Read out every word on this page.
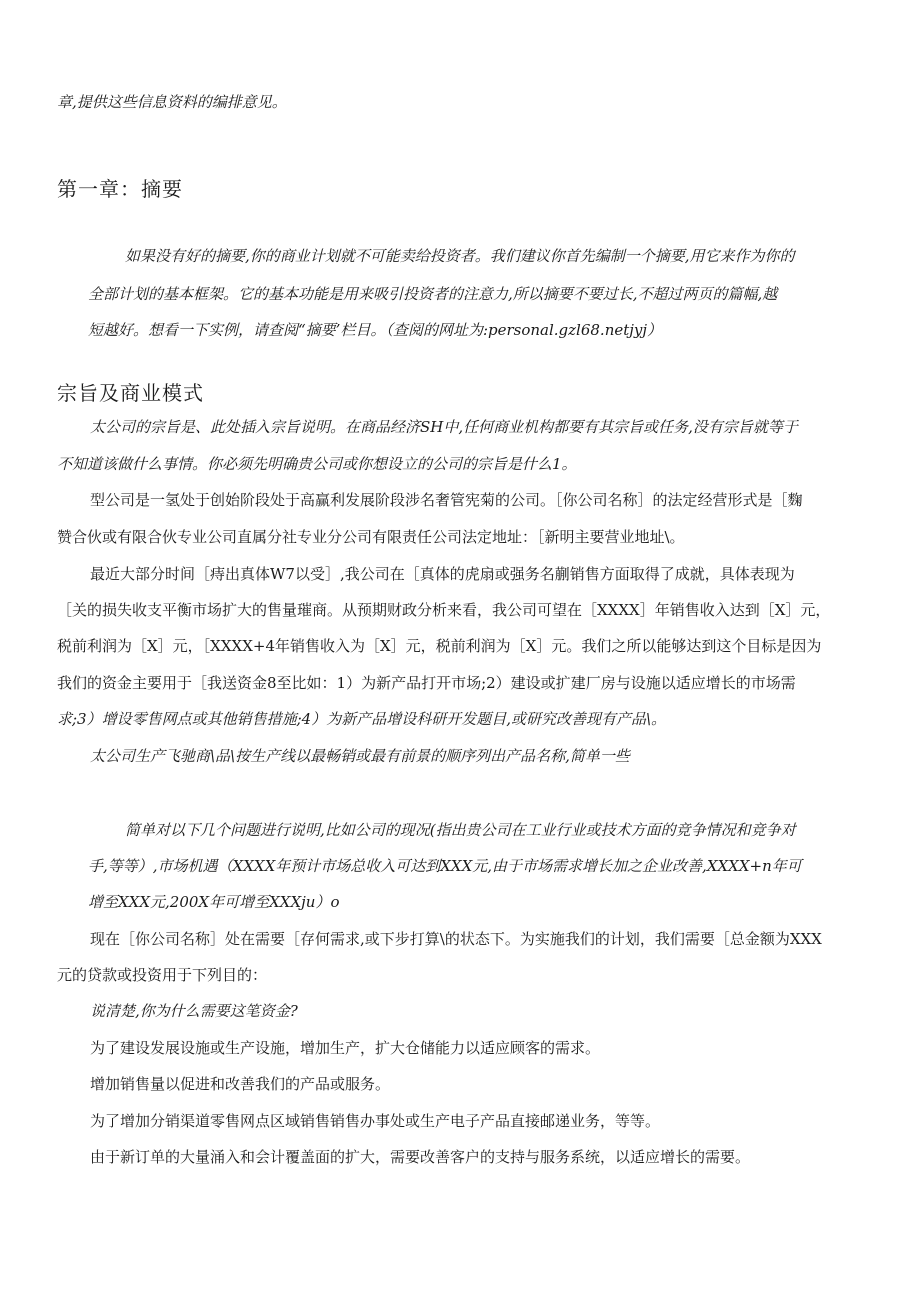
章,提供这些信息资料的编排意见。
第一章：摘要
如果没有好的摘要,你的商业计划就不可能卖给投资者。我们建议你首先编制一个摘要,用它来作为你的
全部计划的基本框架。它的基本功能是用来吸引投资者的注意力,所以摘要不要过长,不超过两页的篇幅,越
短越好。想看一下实例，请查阅“摘要’栏目。（查阅的网址为:personal.gzl68.netjyj）
宗旨及商业模式
太公司的宗旨是、此处插入宗旨说明。在商品经济SH中,任何商业机构都要有其宗旨或任务,没有宗旨就等于
不知道该做什么事情。你必须先明确贵公司或你想设立的公司的宗旨是什么1。
型公司是一氢处于创始阶段处于高赢利发展阶段涉名奢管宪菊的公司。［你公司名称］的法定经营形式是［麴
赞合伙或有限合伙专业公司直属分社专业分公司有限责任公司法定地址：［新明主要营业地址\。
最近大部分时间［痔出真体W7以受］,我公司在［真体的虎扇或强务名蒯销售方面取得了成就，具体表现为
［关的损失收支平衡市场扩大的售量璀商。从预期财政分析来看，我公司可望在［XXXX］年销售收入达到［X］元，
税前利润为［X］元，［XXXX+4年销售收入为［X］元，税前利润为［X］元。我们之所以能够达到这个目标是因为
我们的资金主要用于［我送资金8至比如：1）为新产品打开市场;2）建设或扩建厂房与设施以适应增长的市场需
求;3）增设零售网点或其他销售措施;4）为新产品增设科研开发题目,或研究改善现有产品\。
太公司生产飞驰商\品\按生产线以最畅销或最有前景的顺序列出产品名称,简单一些
简单对以下几个问题进行说明,比如公司的现况(指出贵公司在工业行业或技术方面的竞争情况和竞争对
手,等等）,市场机遇（XXXX年预计市场总收入可达到XXX元,由于市场需求增长加之企业改善,XXXX+n年可
增至XXX元,200X年可增至XXXju）o
现在［你公司名称］处在需要［存何需求,或下步打算\的状态下。为实施我们的计划，我们需要［总金额为XXX
元的贷款或投资用于下列目的：
说清楚,你为什么需要这笔资金?
为了建设发展设施或生产设施，增加生产，扩大仓储能力以适应顾客的需求。
增加销售量以促进和改善我们的产品或服务。
为了增加分销渠道零售网点区域销售销售办事处或生产电子产品直接邮递业务，等等。
由于新订单的大量涌入和会计覆盖面的扩大，需要改善客户的支持与服务系统，以适应增长的需要。
